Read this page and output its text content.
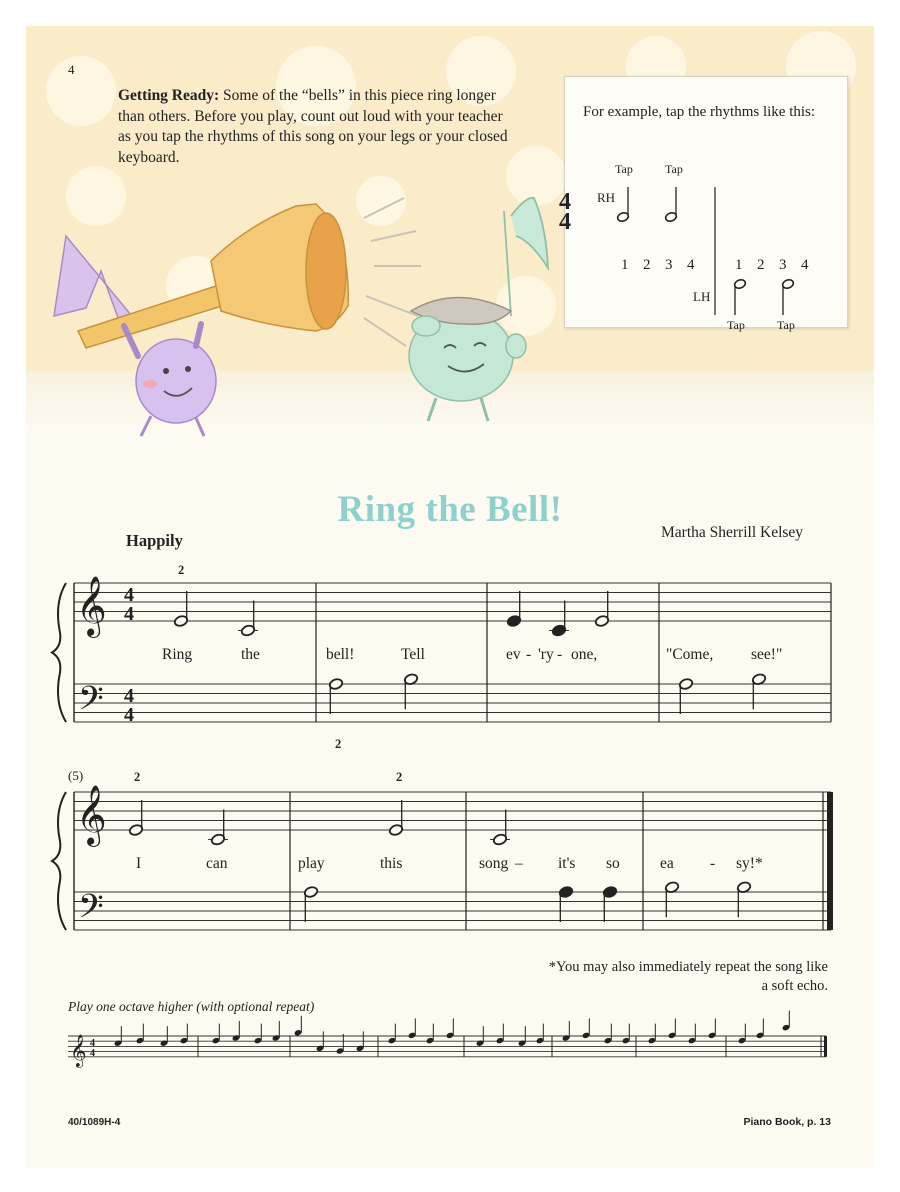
4
Getting Ready: Some of the “bells” in this piece ring longer than others. Before you play, count out loud with your teacher as you tap the rhythms of this song on your legs or your closed keyboard.
For example, tap the rhythms like this:
4
4
RH
Tap	Tap
1 2 3 4	1 2 3 4
LH
Tap	Tap
Ring the Bell!
Martha Sherrill Kelsey
Happily
(5)
𝄞 4
4
𝄢 4
4
𝄞
𝄢
𝄞 4
4
Ring	the	bell!	Tell	ev - 'ry - one,	"Come, see!"
I	can	play	this	song – it's so	ea - sy!*
2
2
2	2
*You may also immediately repeat the song like a soft echo.
Play one octave higher (with optional repeat)
40/1089H-4	Piano Book, p. 13
